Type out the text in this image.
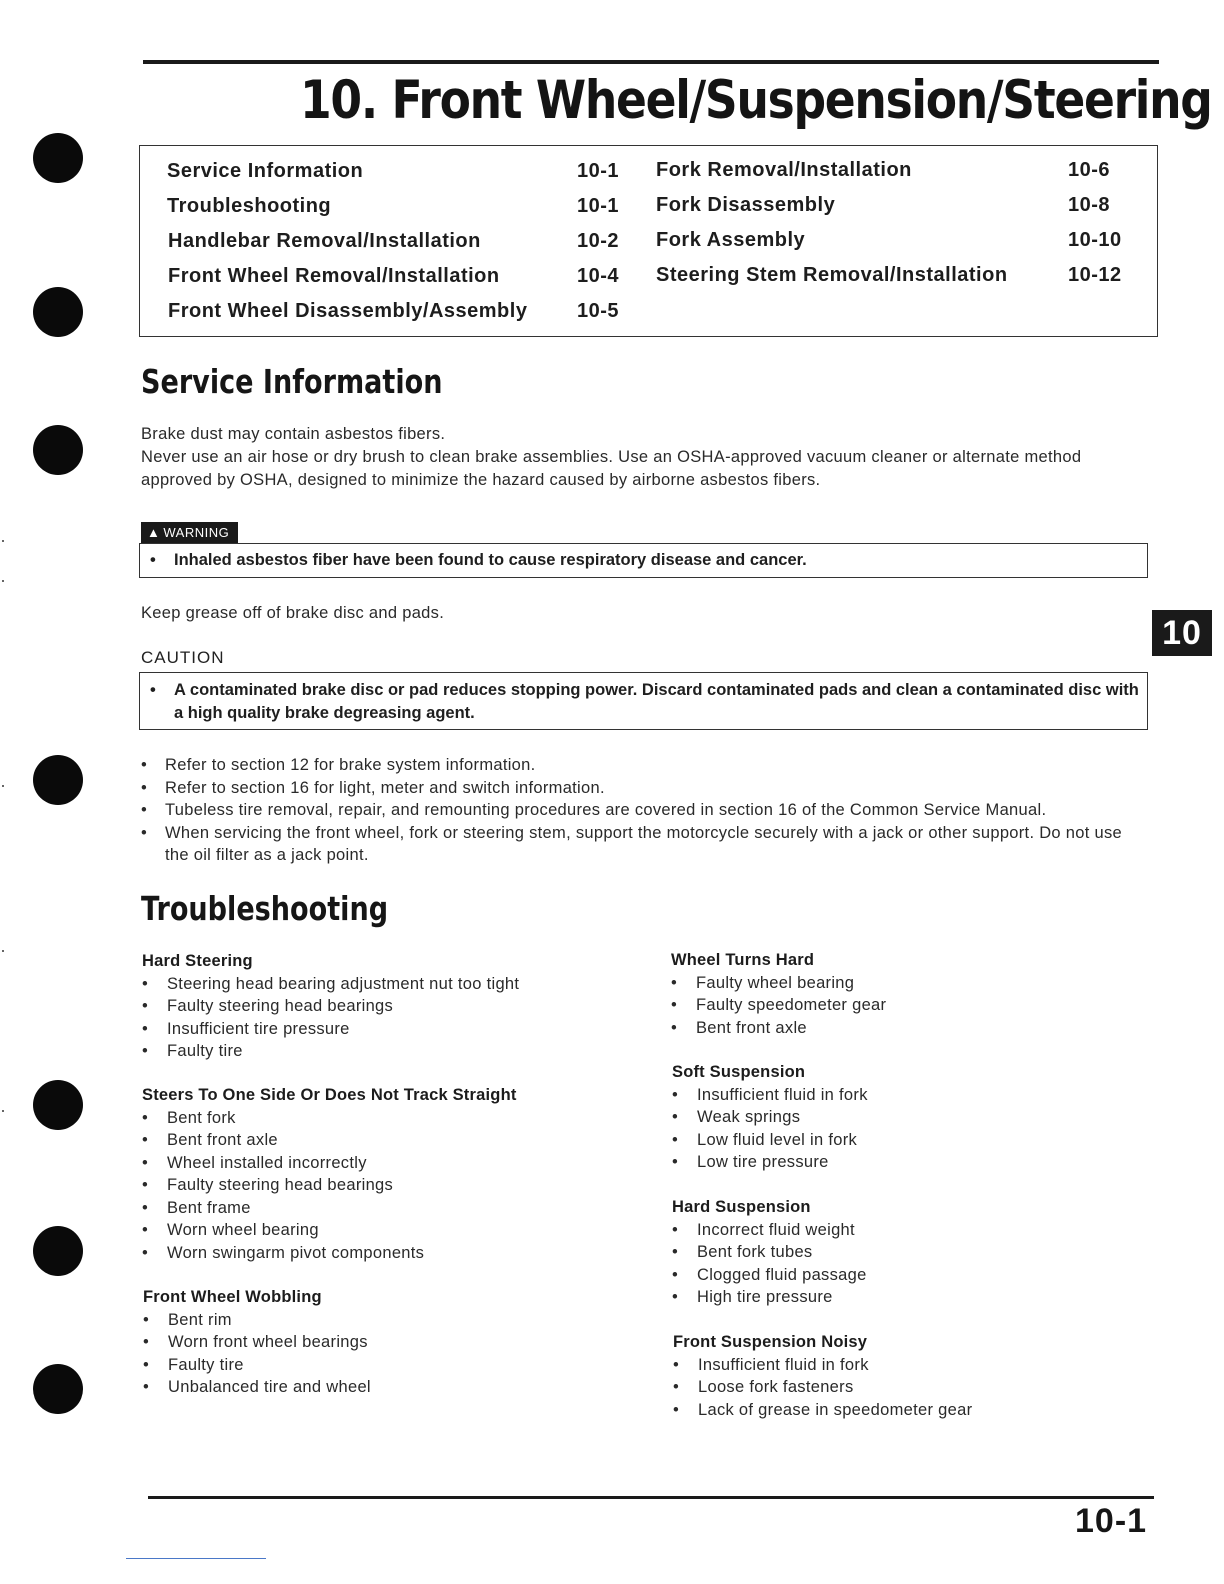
10. Front Wheel/Suspension/Steering
Service Information	10-1
Troubleshooting	10-1
Handlebar Removal/Installation	10-2
Front Wheel Removal/Installation	10-4
Front Wheel Disassembly/Assembly 10-5
Fork Removal/Installation	10-6
Fork Disassembly	10-8
Fork Assembly	10-10
Steering Stem Removal/Installation	10-12
Service Information
Brake dust may contain asbestos fibers.
Never use an air hose or dry brush to clean brake assemblies. Use an OSHA-approved vacuum cleaner or alternate method approved by OSHA, designed to minimize the hazard caused by airborne asbestos fibers.
▲ WARNING
• Inhaled asbestos fiber have been found to cause respiratory disease and cancer.
Keep grease off of brake disc and pads.
CAUTION
• A contaminated brake disc or pad reduces stopping power. Discard contaminated pads and clean a contaminated disc with a high quality brake degreasing agent.
• Refer to section 12 for brake system information.
• Refer to section 16 for light, meter and switch information.
• Tubeless tire removal, repair, and remounting procedures are covered in section 16 of the Common Service Manual.
• When servicing the front wheel, fork or steering stem, support the motorcycle securely with a jack or other support. Do not use the oil filter as a jack point.
Troubleshooting
Hard Steering
• Steering head bearing adjustment nut too tight
• Faulty steering head bearings
• Insufficient tire pressure
• Faulty tire
Steers To One Side Or Does Not Track Straight
• Bent fork
• Bent front axle
• Wheel installed incorrectly
• Faulty steering head bearings
• Bent frame
• Worn wheel bearing
• Worn swingarm pivot components
Front Wheel Wobbling
• Bent rim
• Worn front wheel bearings
• Faulty tire
• Unbalanced tire and wheel
Wheel Turns Hard
• Faulty wheel bearing
• Faulty speedometer gear
• Bent front axle
Soft Suspension
• Insufficient fluid in fork
• Weak springs
• Low fluid level in fork
• Low tire pressure
Hard Suspension
• Incorrect fluid weight
• Bent fork tubes
• Clogged fluid passage
• High tire pressure
Front Suspension Noisy
• Insufficient fluid in fork
• Loose fork fasteners
• Lack of grease in speedometer gear
10
10-1
